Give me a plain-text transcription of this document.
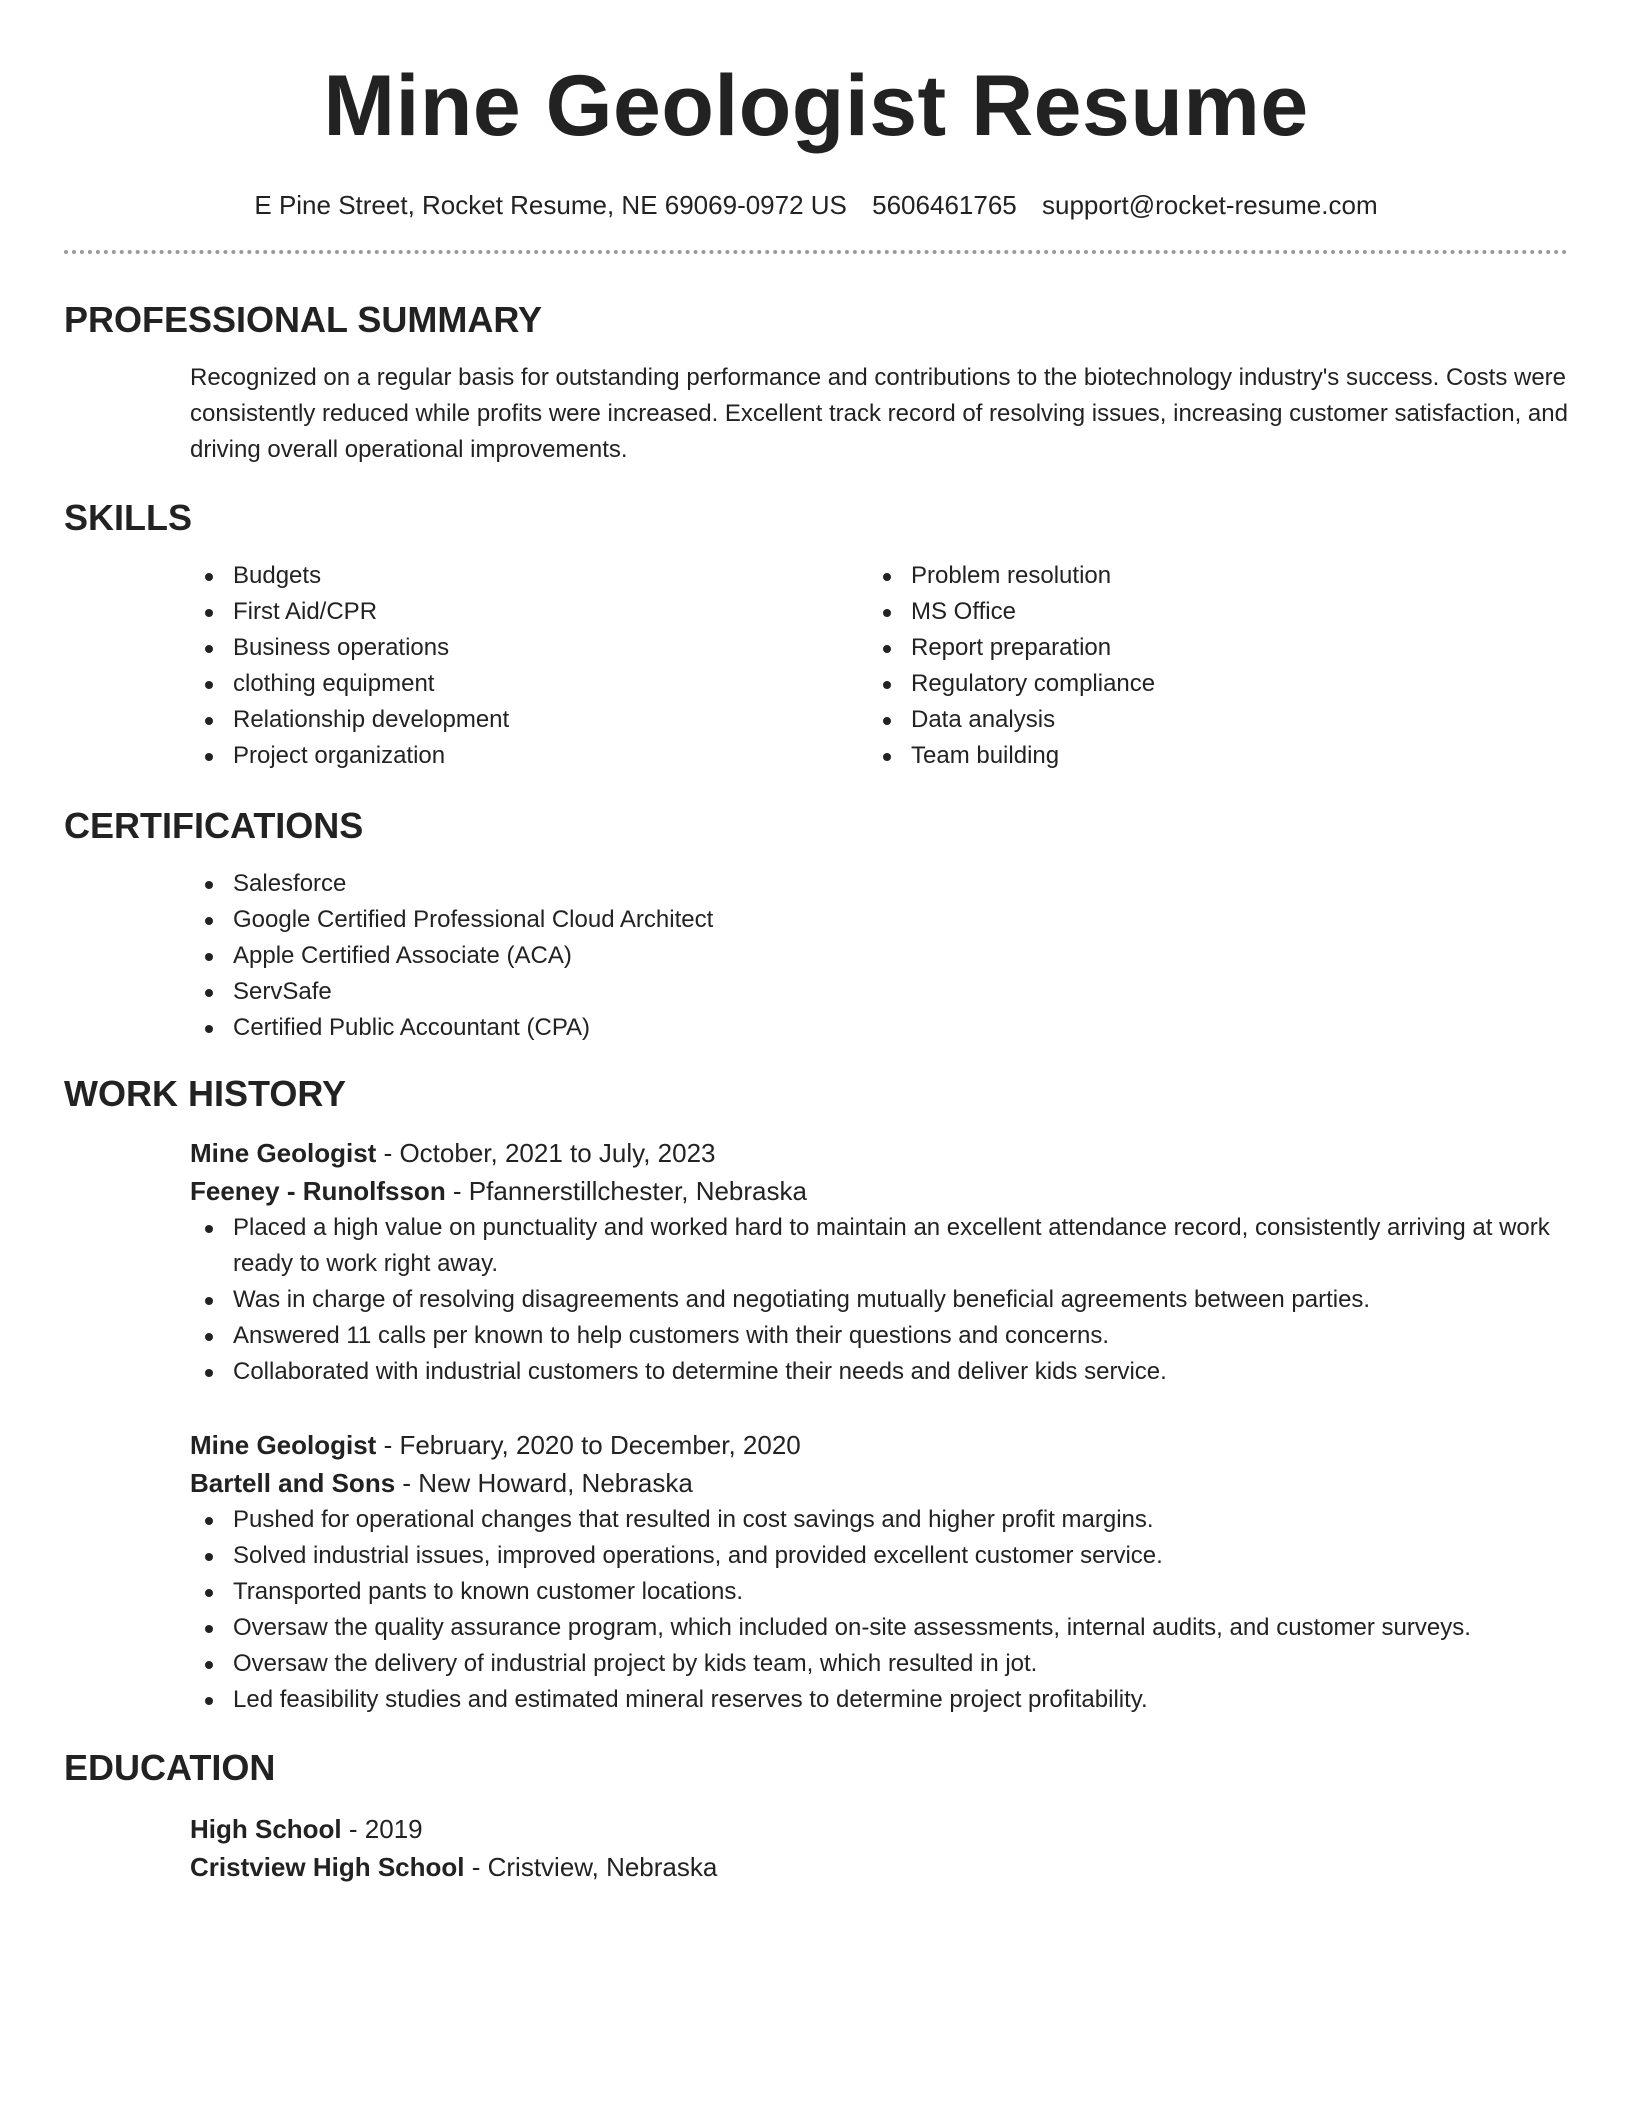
Mine Geologist Resume
E Pine Street, Rocket Resume, NE 69069-0972 US 5606461765 support@rocket-resume.com
PROFESSIONAL SUMMARY
Recognized on a regular basis for outstanding performance and contributions to the biotechnology industry's success. Costs were consistently reduced while profits were increased. Excellent track record of resolving issues, increasing customer satisfaction, and driving overall operational improvements.
SKILLS
Budgets
First Aid/CPR
Business operations
clothing equipment
Relationship development
Project organization
Problem resolution
MS Office
Report preparation
Regulatory compliance
Data analysis
Team building
CERTIFICATIONS
Salesforce
Google Certified Professional Cloud Architect
Apple Certified Associate (ACA)
ServSafe
Certified Public Accountant (CPA)
WORK HISTORY
Mine Geologist - October, 2021 to July, 2023
Feeney - Runolfsson - Pfannerstillchester, Nebraska
Placed a high value on punctuality and worked hard to maintain an excellent attendance record, consistently arriving at work ready to work right away.
Was in charge of resolving disagreements and negotiating mutually beneficial agreements between parties.
Answered 11 calls per known to help customers with their questions and concerns.
Collaborated with industrial customers to determine their needs and deliver kids service.
Mine Geologist - February, 2020 to December, 2020
Bartell and Sons - New Howard, Nebraska
Pushed for operational changes that resulted in cost savings and higher profit margins.
Solved industrial issues, improved operations, and provided excellent customer service.
Transported pants to known customer locations.
Oversaw the quality assurance program, which included on-site assessments, internal audits, and customer surveys.
Oversaw the delivery of industrial project by kids team, which resulted in jot.
Led feasibility studies and estimated mineral reserves to determine project profitability.
EDUCATION
High School - 2019
Cristview High School - Cristview, Nebraska
